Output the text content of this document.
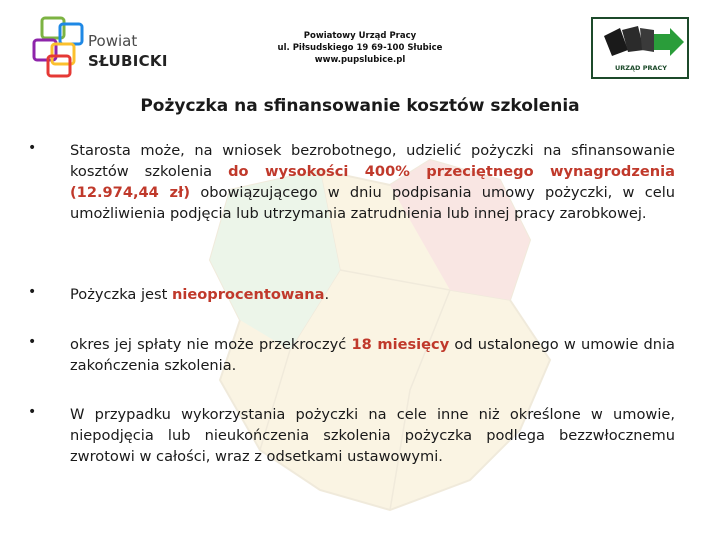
Powiat
SŁUBICKI
Powiatowy Urząd Pracy
ul. Piłsudskiego 19 69-100 Słubice
www.pupslubice.pl
URZĄD PRACY
Pożyczka na sfinansowanie kosztów szkolenia
• Starosta może, na wniosek bezrobotnego, udzielić pożyczki na sfinansowanie kosztów szkolenia do wysokości 400% przeciętnego wynagrodzenia (12.974,44 zł) obowiązującego w dniu podpisania umowy pożyczki, w celu umożliwienia podjęcia lub utrzymania zatrudnienia lub innej pracy zarobkowej.
• Pożyczka jest nieoprocentowana.
• okres jej spłaty nie może przekroczyć 18 miesięcy od ustalonego w umowie dnia zakończenia szkolenia.
• W przypadku wykorzystania pożyczki na cele inne niż określone w umowie, niepodjęcia lub nieukończenia szkolenia pożyczka podlega bezzwłocznemu zwrotowi w całości, wraz z odsetkami ustawowymi.
